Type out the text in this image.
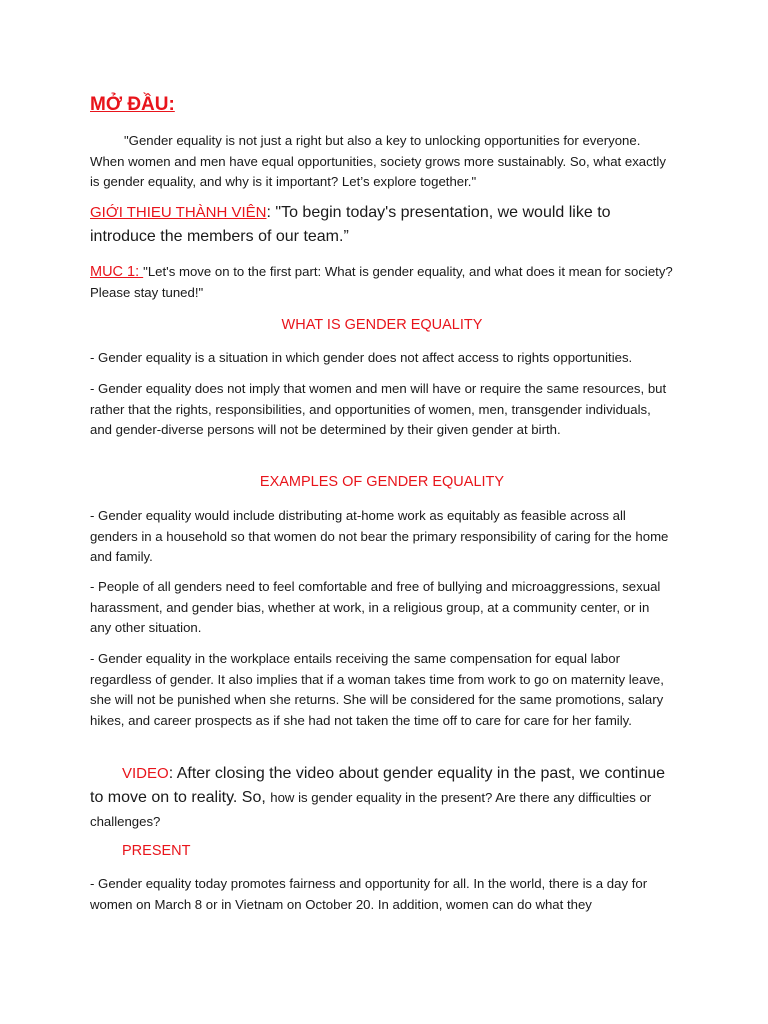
MỞ ĐẦU:

"Gender equality is not just a right but also a key to unlocking opportunities for everyone. When women and men have equal opportunities, society grows more sustainably. So, what exactly is gender equality, and why is it important? Let’s explore together."

GIỚI THIEU THÀNH VIÊN: "To begin today's presentation, we would like to introduce the members of our team.”

MUC 1: "Let's move on to the first part: What is gender equality, and what does it mean for society? Please stay tuned!"

WHAT IS GENDER EQUALITY

- Gender equality is a situation in which gender does not affect access to rights opportunities.

- Gender equality does not imply that women and men will have or require the same resources, but rather that the rights, responsibilities, and opportunities of women, men, transgender individuals, and gender-diverse persons will not be determined by their given gender at birth.

EXAMPLES OF GENDER EQUALITY

- Gender equality would include distributing at-home work as equitably as feasible across all genders in a household so that women do not bear the primary responsibility of caring for the home and family.

- People of all genders need to feel comfortable and free of bullying and microaggressions, sexual harassment, and gender bias, whether at work, in a religious group, at a community center, or in any other situation.

- Gender equality in the workplace entails receiving the same compensation for equal labor regardless of gender. It also implies that if a woman takes time from work to go on maternity leave, she will not be punished when she returns. She will be considered for the same promotions, salary hikes, and career prospects as if she had not taken the time off to care for care for her family.

VIDEO: After closing the video about gender equality in the past, we continue to move on to reality. So, how is gender equality in the present? Are there any difficulties or challenges?
PRESENT

- Gender equality today promotes fairness and opportunity for all. In the world, there is a day for women on March 8 or in Vietnam on October 20. In addition, women can do what they
